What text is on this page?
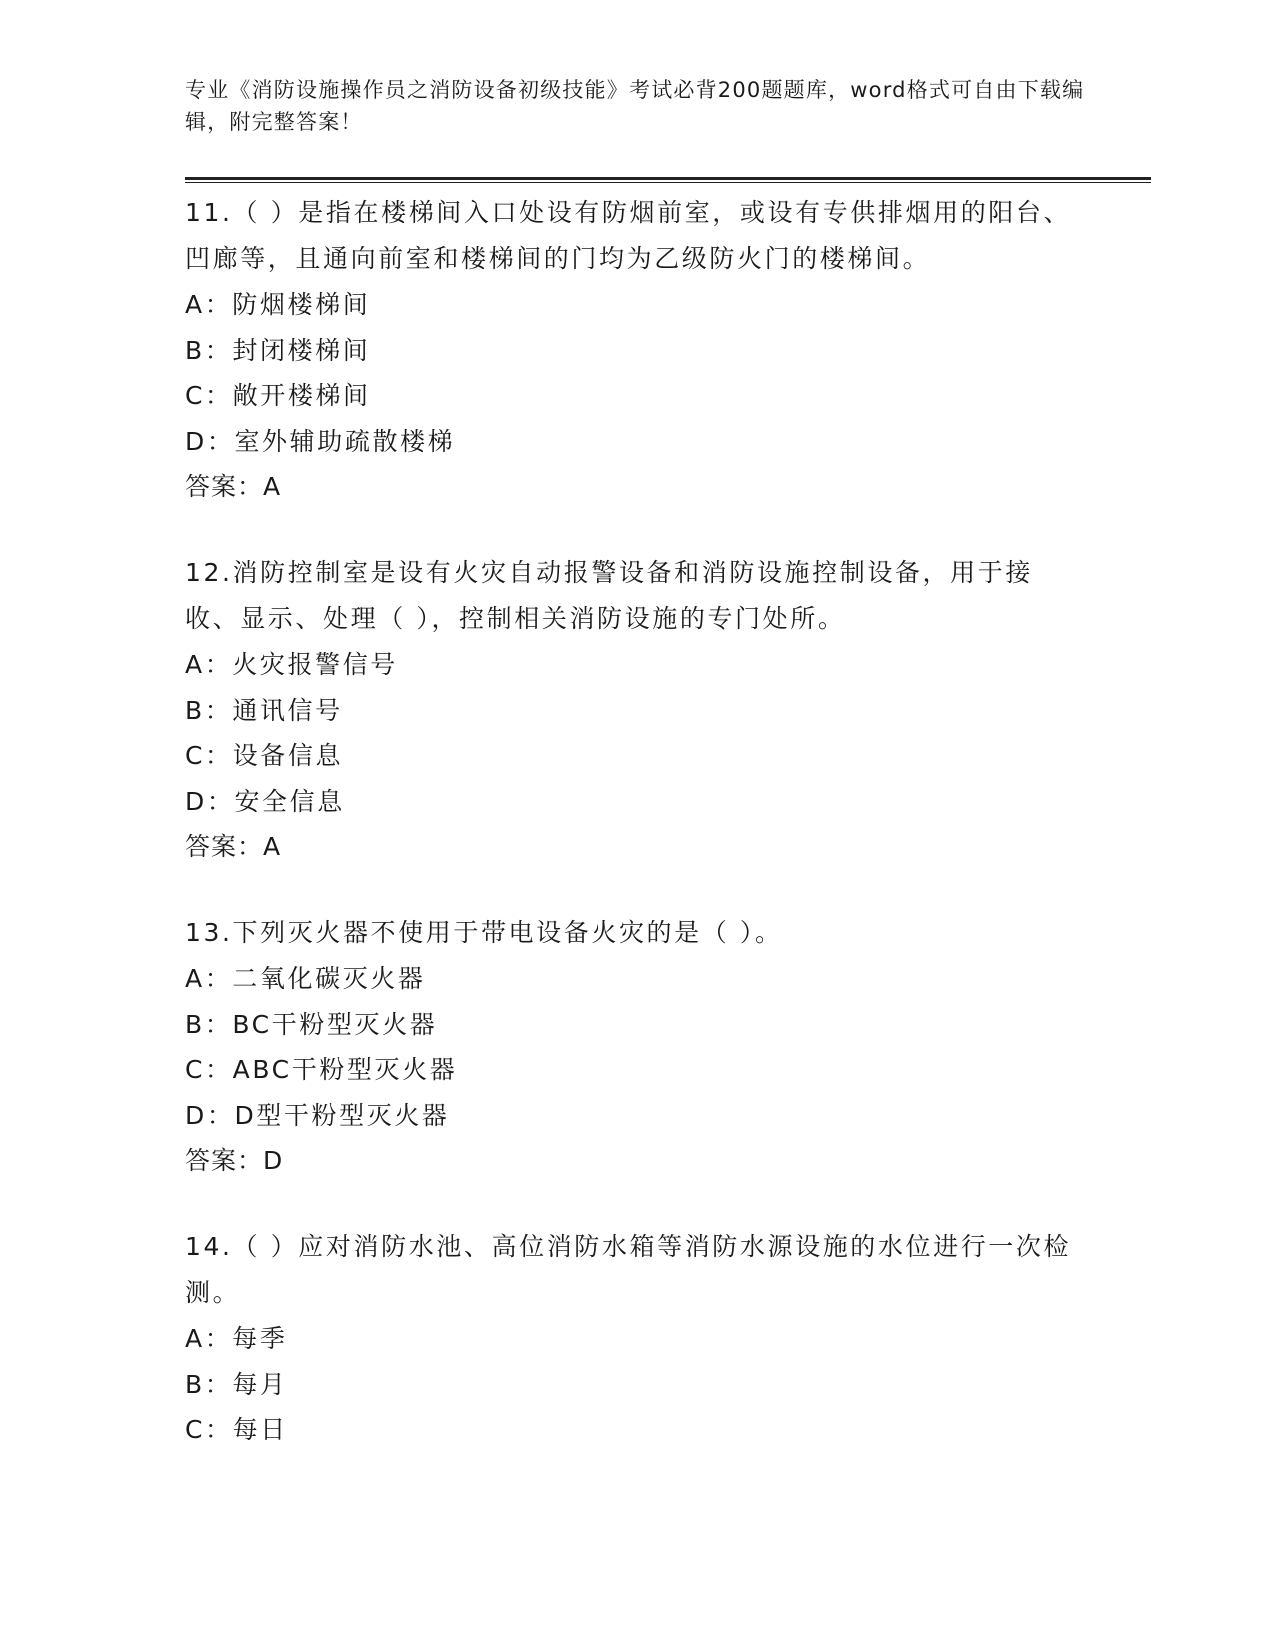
专业《消防设施操作员之消防设备初级技能》考试必背200题题库，word格式可自由下载编辑，附完整答案！

11.（ ）是指在楼梯间入口处设有防烟前室，或设有专供排烟用的阳台、凹廊等，且通向前室和楼梯间的门均为乙级防火门的楼梯间。

A：防烟楼梯间

B：封闭楼梯间

C：敞开楼梯间

D：室外辅助疏散楼梯

答案：A

12.消防控制室是设有火灾自动报警设备和消防设施控制设备，用于接收、显示、处理（ ），控制相关消防设施的专门处所。

A：火灾报警信号

B：通讯信号

C：设备信息

D：安全信息

答案：A

13.下列灭火器不使用于带电设备火灾的是（ ）。

A：二氧化碳灭火器

B：BC干粉型灭火器

C：ABC干粉型灭火器

D：D型干粉型灭火器

答案：D

14.（ ）应对消防水池、高位消防水箱等消防水源设施的水位进行一次检测。

A：每季

B：每月

C：每日
